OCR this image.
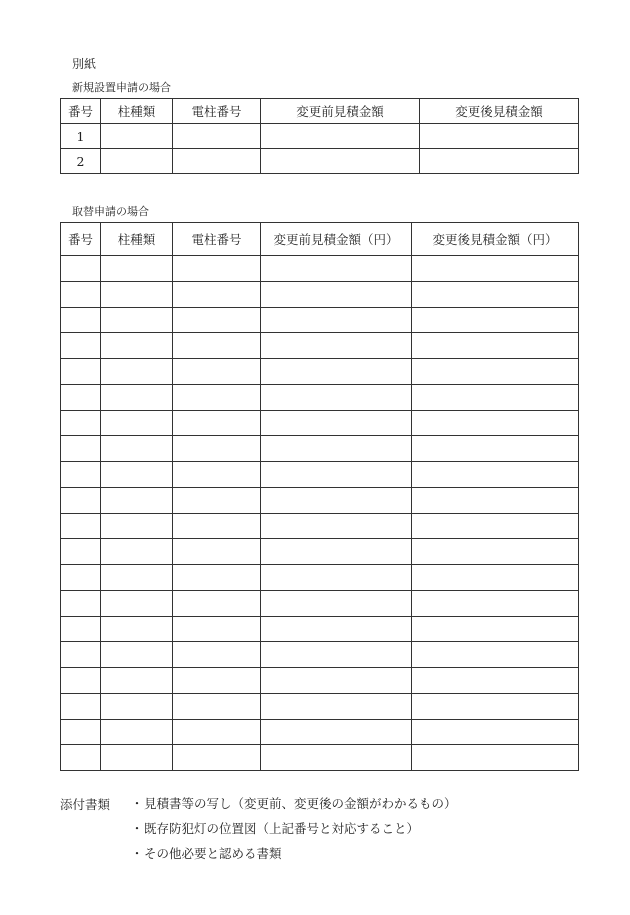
別紙
新規設置申請の場合
番号	柱種類	電柱番号	変更前見積金額	変更後見積金額
1				
2				
取替申請の場合
番号	柱種類	電柱番号	変更前見積金額（円）	変更後見積金額（円）

添付書類 ・見積書等の写し（変更前、変更後の金額がわかるもの）
・既存防犯灯の位置図（上記番号と対応すること）
・その他必要と認める書類
